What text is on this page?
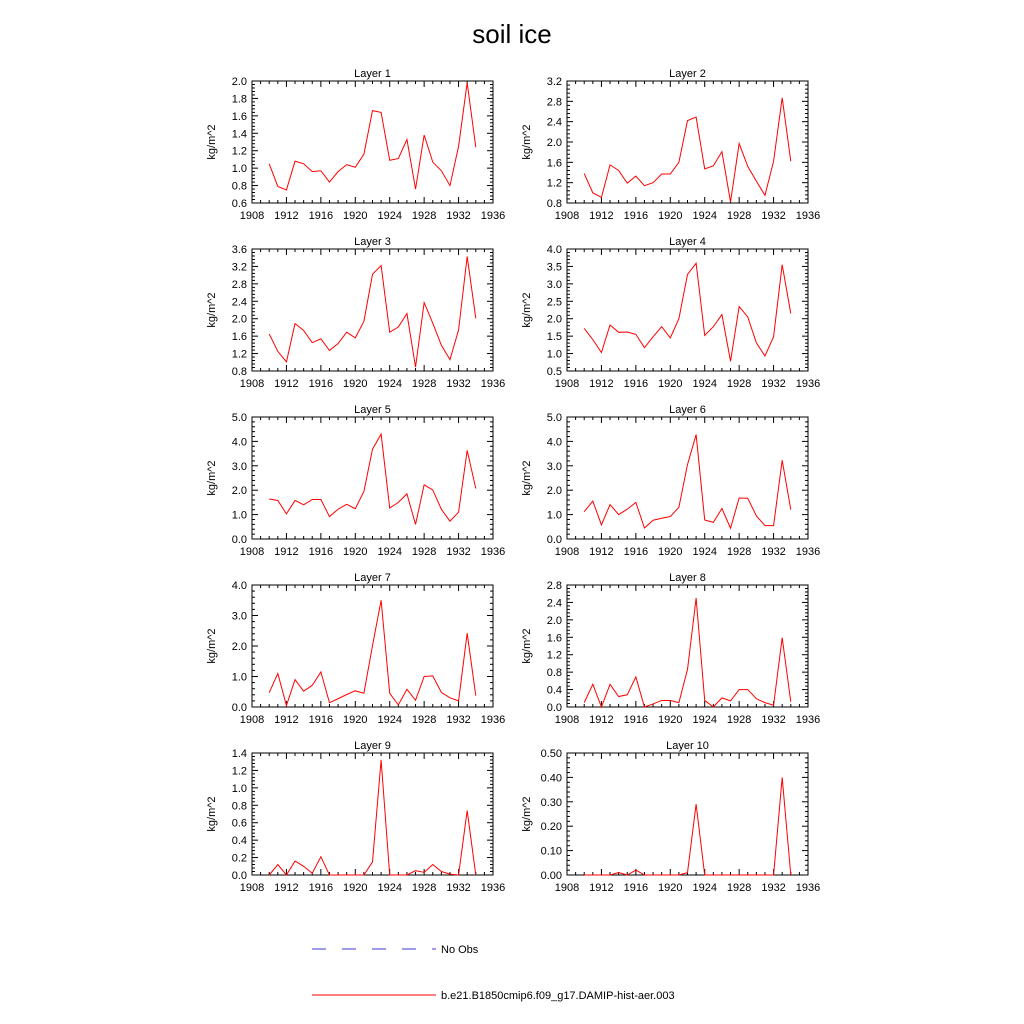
soil ice
Layer 1
1908 1912 1916 1920 1924 1928 1932 1936
0.6
0.8
1.0
1.2
1.4
1.6
1.8
2.0
kg/m^2
Layer 2
1908 1912 1916 1920 1924 1928 1932 1936
0.8
1.2
1.6
2.0
2.4
2.8
3.2
kg/m^2
Layer 3
1908 1912 1916 1920 1924 1928 1932 1936
0.8
1.2
1.6
2.0
2.4
2.8
3.2
3.6
kg/m^2
Layer 4
1908 1912 1916 1920 1924 1928 1932 1936
0.5
1.0
1.5
2.0
2.5
3.0
3.5
4.0
kg/m^2
Layer 5
1908 1912 1916 1920 1924 1928 1932 1936
0.0
1.0
2.0
3.0
4.0
5.0
kg/m^2
Layer 6
1908 1912 1916 1920 1924 1928 1932 1936
0.0
1.0
2.0
3.0
4.0
5.0
kg/m^2
Layer 7
1908 1912 1916 1920 1924 1928 1932 1936
0.0
1.0
2.0
3.0
4.0
kg/m^2
Layer 8
1908 1912 1916 1920 1924 1928 1932 1936
0.0
0.4
0.8
1.2
1.6
2.0
2.4
2.8
kg/m^2
Layer 9
1908 1912 1916 1920 1924 1928 1932 1936
0.0
0.2
0.4
0.6
0.8
1.0
1.2
1.4
kg/m^2
Layer 10
1908 1912 1916 1920 1924 1928 1932 1936
0.00
0.10
0.20
0.30
0.40
0.50
kg/m^2
No Obs
b.e21.B1850cmip6.f09_g17.DAMIP-hist-aer.003
